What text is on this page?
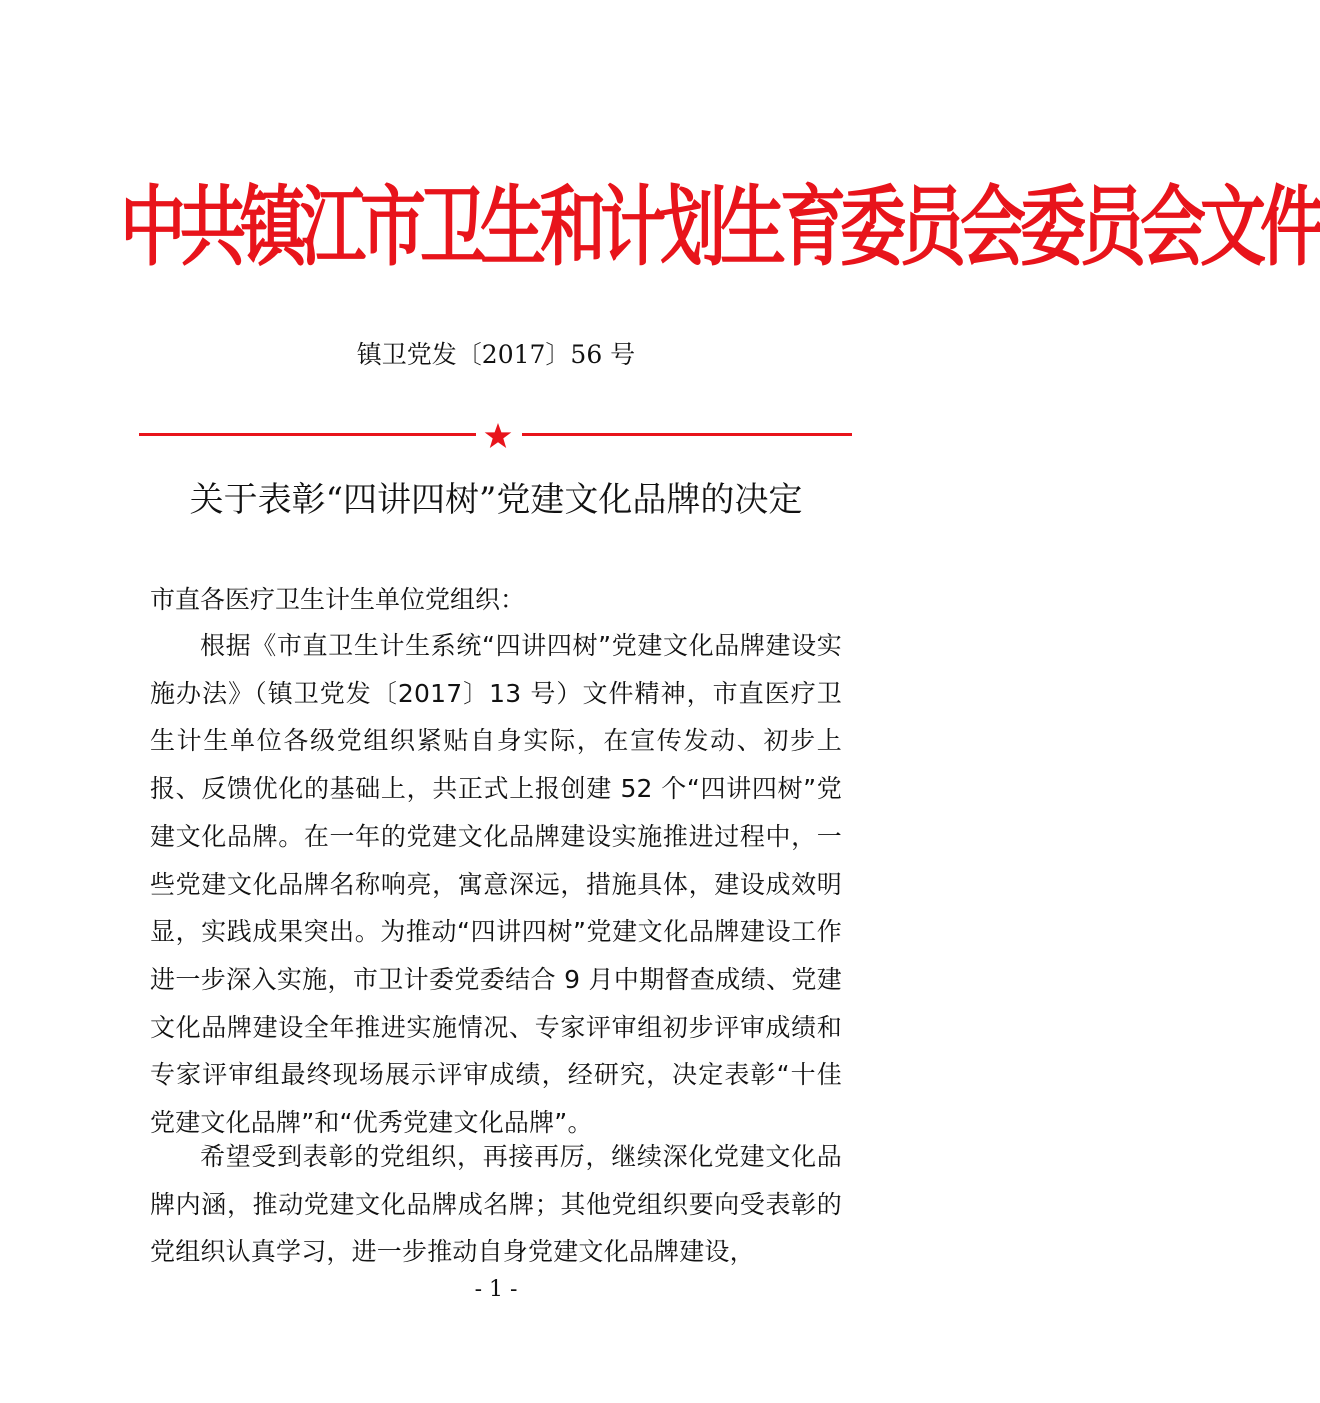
中共镇江市卫生和计划生育委员会委员会文件
镇卫党发〔2017〕56 号
关于表彰“四讲四树”党建文化品牌的决定
市直各医疗卫生计生单位党组织：

根据《市直卫生计生系统“四讲四树”党建文化品牌建设实施办法》（镇卫党发〔2017〕13 号）文件精神，市直医疗卫生计生单位各级党组织紧贴自身实际，在宣传发动、初步上报、反馈优化的基础上，共正式上报创建 52 个“四讲四树”党建文化品牌。在一年的党建文化品牌建设实施推进过程中，一些党建文化品牌名称响亮，寓意深远，措施具体，建设成效明显，实践成果突出。为推动“四讲四树”党建文化品牌建设工作进一步深入实施，市卫计委党委结合 9 月中期督查成绩、党建文化品牌建设全年推进实施情况、专家评审组初步评审成绩和专家评审组最终现场展示评审成绩，经研究，决定表彰“十佳党建文化品牌”和“优秀党建文化品牌”。

希望受到表彰的党组织，再接再厉，继续深化党建文化品牌内涵，推动党建文化品牌成名牌；其他党组织要向受表彰的党组织认真学习，进一步推动自身党建文化品牌建设，

- 1 -
